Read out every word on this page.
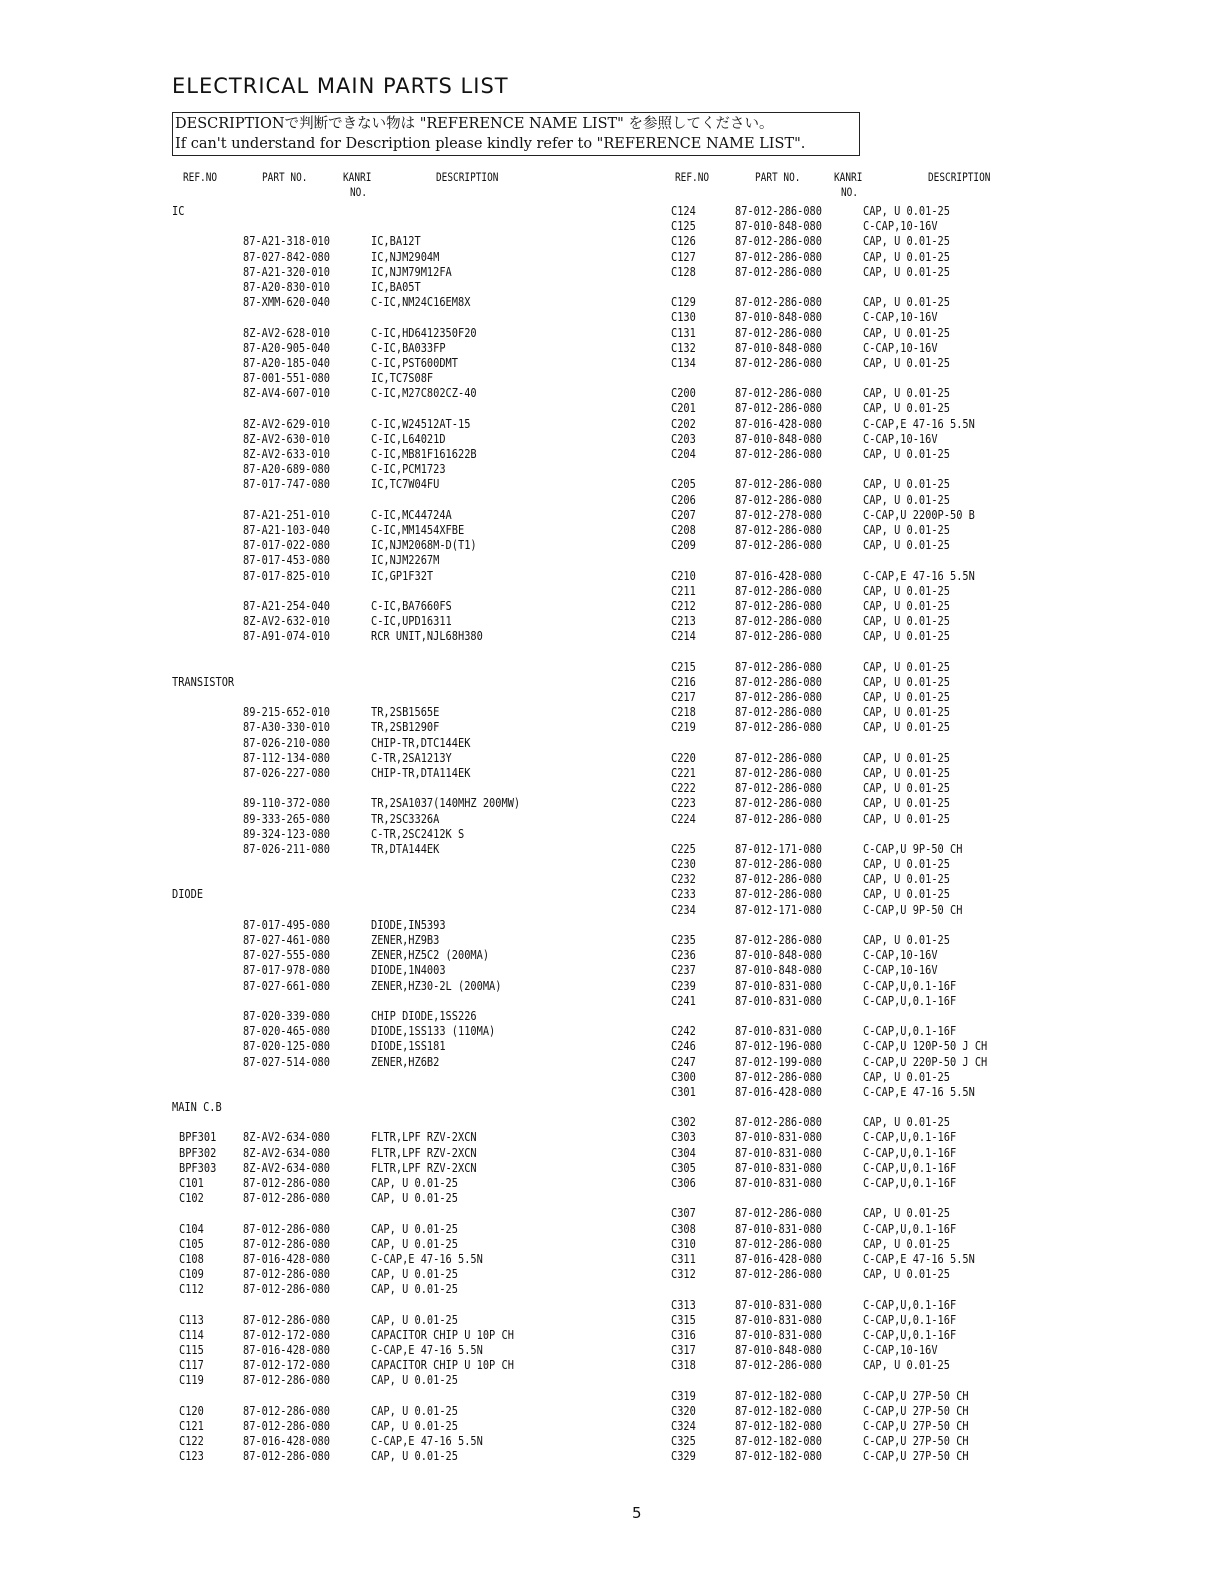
ELECTRICAL MAIN PARTS LIST
DESCRIPTIONで判断できない物は "REFERENCE NAME LIST" を参照してください。
If can't understand for Description please kindly refer to "REFERENCE NAME LIST".
REF.NO	PART NO.	KANRI
NO.
DESCRIPTION	REF.NO	PART NO.	KANRI
NO.
DESCRIPTION
IC
87-A21-318-010	IC,BA12T
87-027-842-080	IC,NJM2904M
87-A21-320-010	IC,NJM79M12FA
87-A20-830-010	IC,BA05T
87-XMM-620-040	C-IC,NM24C16EM8X
8Z-AV2-628-010	C-IC,HD6412350F20
87-A20-905-040	C-IC,BA033FP
87-A20-185-040	C-IC,PST600DMT
87-001-551-080	IC,TC7S08F
8Z-AV4-607-010	C-IC,M27C802CZ-40
8Z-AV2-629-010	C-IC,W24512AT-15
8Z-AV2-630-010	C-IC,L64021D
8Z-AV2-633-010	C-IC,MB81F161622B
87-A20-689-080	C-IC,PCM1723
87-017-747-080	IC,TC7W04FU
87-A21-251-010	C-IC,MC44724A
87-A21-103-040	C-IC,MM1454XFBE
87-017-022-080	IC,NJM2068M-D(T1)
87-017-453-080	IC,NJM2267M
87-017-825-010	IC,GP1F32T
87-A21-254-040	C-IC,BA7660FS
8Z-AV2-632-010	C-IC,UPD16311
87-A91-074-010	RCR UNIT,NJL68H380
TRANSISTOR
89-215-652-010	TR,2SB1565E
87-A30-330-010	TR,2SB1290F
87-026-210-080	CHIP-TR,DTC144EK
87-112-134-080	C-TR,2SA1213Y
87-026-227-080	CHIP-TR,DTA114EK
89-110-372-080	TR,2SA1037(140MHZ 200MW)
89-333-265-080	TR,2SC3326A
89-324-123-080	C-TR,2SC2412K S
87-026-211-080	TR,DTA144EK
DIODE
87-017-495-080	DIODE,IN5393
87-027-461-080	ZENER,HZ9B3
87-027-555-080	ZENER,HZ5C2 (200MA)
87-017-978-080	DIODE,1N4003
87-027-661-080	ZENER,HZ30-2L (200MA)
87-020-339-080	CHIP DIODE,1SS226
87-020-465-080	DIODE,1SS133 (110MA)
87-020-125-080	DIODE,1SS181
87-027-514-080	ZENER,HZ6B2
MAIN C.B
BPF301 8Z-AV2-634-080	FLTR,LPF RZV-2XCN
BPF302 8Z-AV2-634-080	FLTR,LPF RZV-2XCN
BPF303 8Z-AV2-634-080	FLTR,LPF RZV-2XCN
C101	87-012-286-080	CAP, U 0.01-25
C102	87-012-286-080	CAP, U 0.01-25
C104	87-012-286-080	CAP, U 0.01-25
C105	87-012-286-080	CAP, U 0.01-25
C108	87-016-428-080	C-CAP,E 47-16 5.5N
C109	87-012-286-080	CAP, U 0.01-25
C112	87-012-286-080	CAP, U 0.01-25
C113	87-012-286-080	CAP, U 0.01-25
C114	87-012-172-080	CAPACITOR CHIP U 10P CH
C115	87-016-428-080	C-CAP,E 47-16 5.5N
C117	87-012-172-080	CAPACITOR CHIP U 10P CH
C119	87-012-286-080	CAP, U 0.01-25
C120	87-012-286-080	CAP, U 0.01-25
C121	87-012-286-080	CAP, U 0.01-25
C122	87-016-428-080	C-CAP,E 47-16 5.5N
C123	87-012-286-080	CAP, U 0.01-25
C124	87-012-286-080	CAP, U 0.01-25
C125	87-010-848-080	C-CAP,10-16V
C126	87-012-286-080	CAP, U 0.01-25
C127	87-012-286-080	CAP, U 0.01-25
C128	87-012-286-080	CAP, U 0.01-25
C129	87-012-286-080	CAP, U 0.01-25
C130	87-010-848-080	C-CAP,10-16V
C131	87-012-286-080	CAP, U 0.01-25
C132	87-010-848-080	C-CAP,10-16V
C134	87-012-286-080	CAP, U 0.01-25
C200	87-012-286-080	CAP, U 0.01-25
C201	87-012-286-080	CAP, U 0.01-25
C202	87-016-428-080	C-CAP,E 47-16 5.5N
C203	87-010-848-080	C-CAP,10-16V
C204	87-012-286-080	CAP, U 0.01-25
C205	87-012-286-080	CAP, U 0.01-25
C206	87-012-286-080	CAP, U 0.01-25
C207	87-012-278-080	C-CAP,U 2200P-50 B
C208	87-012-286-080	CAP, U 0.01-25
C209	87-012-286-080	CAP, U 0.01-25
C210	87-016-428-080	C-CAP,E 47-16 5.5N
C211	87-012-286-080	CAP, U 0.01-25
C212	87-012-286-080	CAP, U 0.01-25
C213	87-012-286-080	CAP, U 0.01-25
C214	87-012-286-080	CAP, U 0.01-25
C215	87-012-286-080	CAP, U 0.01-25
C216	87-012-286-080	CAP, U 0.01-25
C217	87-012-286-080	CAP, U 0.01-25
C218	87-012-286-080	CAP, U 0.01-25
C219	87-012-286-080	CAP, U 0.01-25
C220	87-012-286-080	CAP, U 0.01-25
C221	87-012-286-080	CAP, U 0.01-25
C222	87-012-286-080	CAP, U 0.01-25
C223	87-012-286-080	CAP, U 0.01-25
C224	87-012-286-080	CAP, U 0.01-25
C225	87-012-171-080	C-CAP,U 9P-50 CH
C230	87-012-286-080	CAP, U 0.01-25
C232	87-012-286-080	CAP, U 0.01-25
C233	87-012-286-080	CAP, U 0.01-25
C234	87-012-171-080	C-CAP,U 9P-50 CH
C235	87-012-286-080	CAP, U 0.01-25
C236	87-010-848-080	C-CAP,10-16V
C237	87-010-848-080	C-CAP,10-16V
C239	87-010-831-080	C-CAP,U,0.1-16F
C241	87-010-831-080	C-CAP,U,0.1-16F
C242	87-010-831-080	C-CAP,U,0.1-16F
C246	87-012-196-080	C-CAP,U 120P-50 J CH
C247	87-012-199-080	C-CAP,U 220P-50 J CH
C300	87-012-286-080	CAP, U 0.01-25
C301	87-016-428-080	C-CAP,E 47-16 5.5N
C302	87-012-286-080	CAP, U 0.01-25
C303	87-010-831-080	C-CAP,U,0.1-16F
C304	87-010-831-080	C-CAP,U,0.1-16F
C305	87-010-831-080	C-CAP,U,0.1-16F
C306	87-010-831-080	C-CAP,U,0.1-16F
C307	87-012-286-080	CAP, U 0.01-25
C308	87-010-831-080	C-CAP,U,0.1-16F
C310	87-012-286-080	CAP, U 0.01-25
C311	87-016-428-080	C-CAP,E 47-16 5.5N
C312	87-012-286-080	CAP, U 0.01-25
C313	87-010-831-080	C-CAP,U,0.1-16F
C315	87-010-831-080	C-CAP,U,0.1-16F
C316	87-010-831-080	C-CAP,U,0.1-16F
C317	87-010-848-080	C-CAP,10-16V
C318	87-012-286-080	CAP, U 0.01-25
C319	87-012-182-080	C-CAP,U 27P-50 CH
C320	87-012-182-080	C-CAP,U 27P-50 CH
C324	87-012-182-080	C-CAP,U 27P-50 CH
C325	87-012-182-080	C-CAP,U 27P-50 CH
C329	87-012-182-080	C-CAP,U 27P-50 CH
5
